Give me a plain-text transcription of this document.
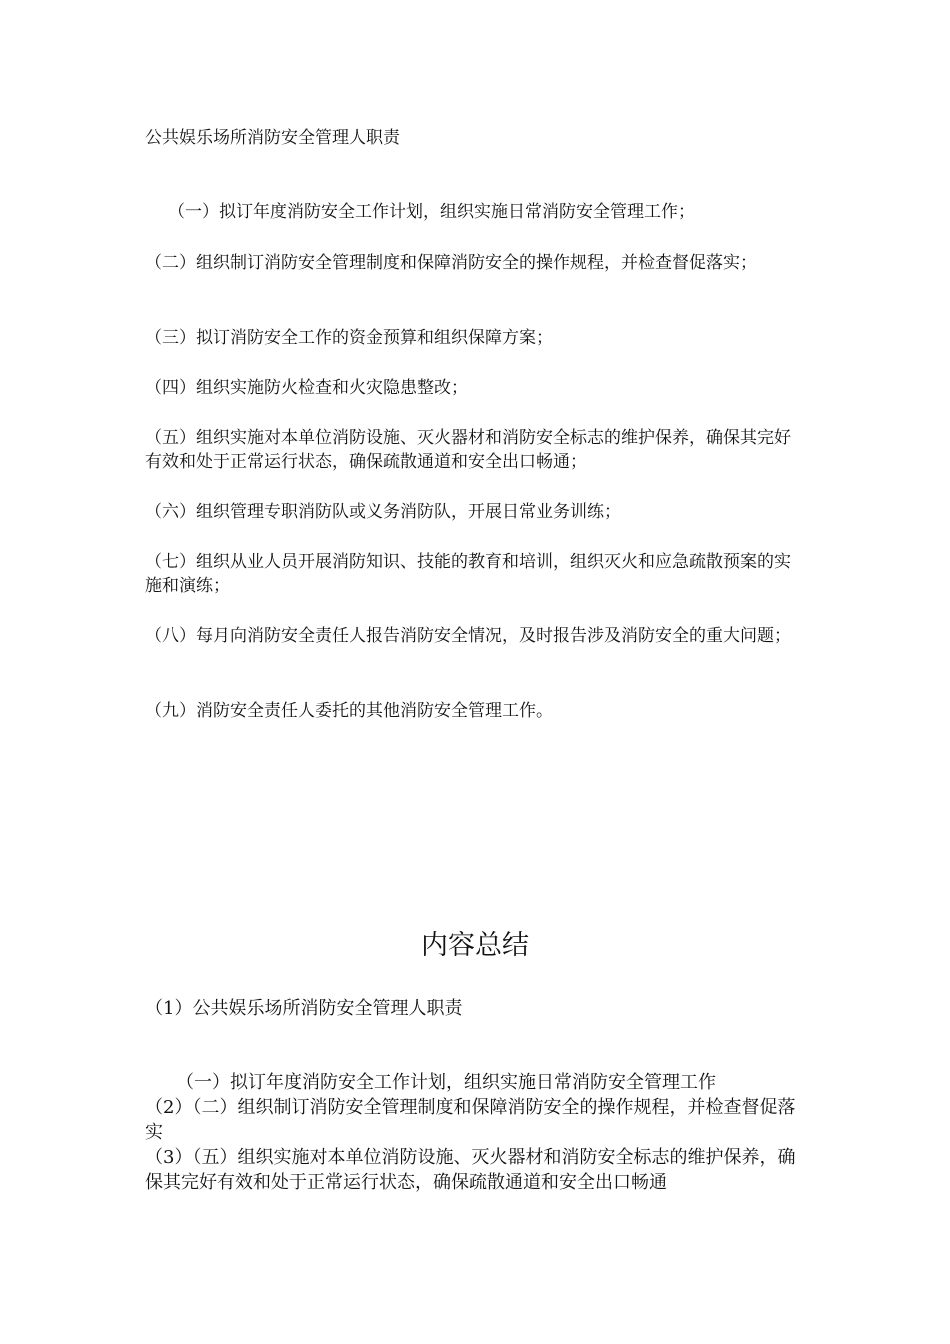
公共娱乐场所消防安全管理人职责

（一）拟订年度消防安全工作计划，组织实施日常消防安全管理工作；

（二）组织制订消防安全管理制度和保障消防安全的操作规程，并检查督促落实；

（三）拟订消防安全工作的资金预算和组织保障方案；

（四）组织实施防火检查和火灾隐患整改；

（五）组织实施对本单位消防设施、灭火器材和消防安全标志的维护保养，确保其完好有效和处于正常运行状态，确保疏散通道和安全出口畅通；

（六）组织管理专职消防队或义务消防队，开展日常业务训练；

（七）组织从业人员开展消防知识、技能的教育和培训，组织灭火和应急疏散预案的实施和演练；

（八）每月向消防安全责任人报告消防安全情况，及时报告涉及消防安全的重大问题；

（九）消防安全责任人委托的其他消防安全管理工作。

内容总结

（1）公共娱乐场所消防安全管理人职责

（一）拟订年度消防安全工作计划，组织实施日常消防安全管理工作

（2）（二）组织制订消防安全管理制度和保障消防安全的操作规程，并检查督促落实

（3）（五）组织实施对本单位消防设施、灭火器材和消防安全标志的维护保养，确保其完好有效和处于正常运行状态，确保疏散通道和安全出口畅通
